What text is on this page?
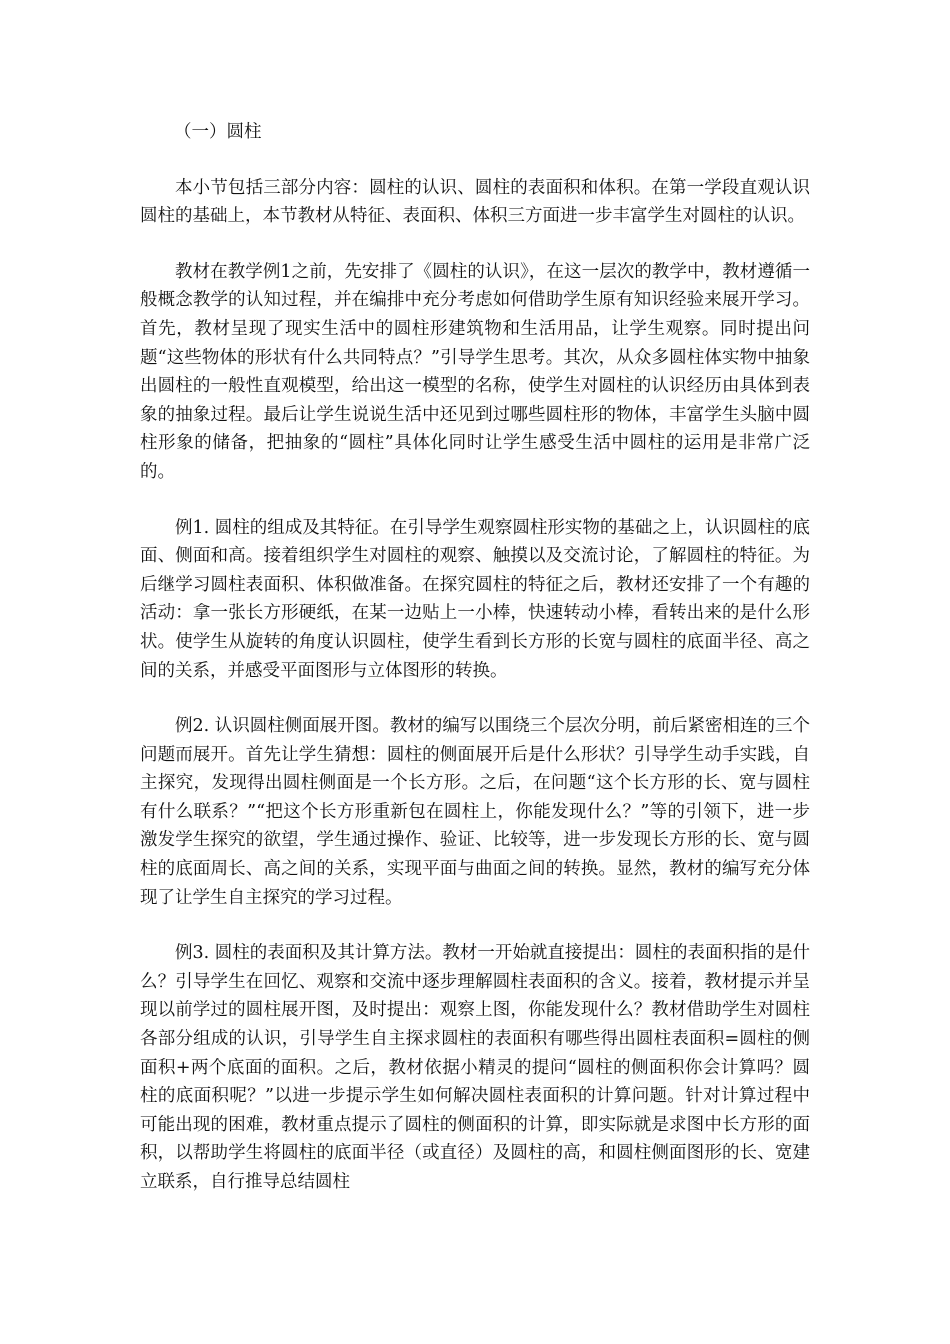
（一）圆柱

本小节包括三部分内容：圆柱的认识、圆柱的表面积和体积。在第一学段直观认识圆柱的基础上，本节教材从特征、表面积、体积三方面进一步丰富学生对圆柱的认识。

教材在教学例1之前，先安排了《圆柱的认识》，在这一层次的教学中，教材遵循一般概念教学的认知过程，并在编排中充分考虑如何借助学生原有知识经验来展开学习。首先，教材呈现了现实生活中的圆柱形建筑物和生活用品，让学生观察。同时提出问题“这些物体的形状有什么共同特点？”引导学生思考。其次，从众多圆柱体实物中抽象出圆柱的一般性直观模型，给出这一模型的名称，使学生对圆柱的认识经历由具体到表象的抽象过程。最后让学生说说生活中还见到过哪些圆柱形的物体，丰富学生头脑中圆柱形象的储备，把抽象的“圆柱”具体化同时让学生感受生活中圆柱的运用是非常广泛的。

例1. 圆柱的组成及其特征。在引导学生观察圆柱形实物的基础之上，认识圆柱的底面、侧面和高。接着组织学生对圆柱的观察、触摸以及交流讨论，了解圆柱的特征。为后继学习圆柱表面积、体积做准备。在探究圆柱的特征之后，教材还安排了一个有趣的活动：拿一张长方形硬纸，在某一边贴上一小棒，快速转动小棒，看转出来的是什么形状。使学生从旋转的角度认识圆柱，使学生看到长方形的长宽与圆柱的底面半径、高之间的关系，并感受平面图形与立体图形的转换。

例2. 认识圆柱侧面展开图。教材的编写以围绕三个层次分明，前后紧密相连的三个问题而展开。首先让学生猜想：圆柱的侧面展开后是什么形状？引导学生动手实践，自主探究，发现得出圆柱侧面是一个长方形。之后，在问题“这个长方形的长、宽与圆柱有什么联系？”“把这个长方形重新包在圆柱上，你能发现什么？”等的引领下，进一步激发学生探究的欲望，学生通过操作、验证、比较等，进一步发现长方形的长、宽与圆柱的底面周长、高之间的关系，实现平面与曲面之间的转换。显然，教材的编写充分体现了让学生自主探究的学习过程。

例3. 圆柱的表面积及其计算方法。教材一开始就直接提出：圆柱的表面积指的是什么？引导学生在回忆、观察和交流中逐步理解圆柱表面积的含义。接着，教材提示并呈现以前学过的圆柱展开图，及时提出：观察上图，你能发现什么？教材借助学生对圆柱各部分组成的认识，引导学生自主探求圆柱的表面积有哪些得出圆柱表面积=圆柱的侧面积+两个底面的面积。之后，教材依据小精灵的提问“圆柱的侧面积你会计算吗？圆柱的底面积呢？”以进一步提示学生如何解决圆柱表面积的计算问题。针对计算过程中可能出现的困难，教材重点提示了圆柱的侧面积的计算，即实际就是求图中长方形的面积，以帮助学生将圆柱的底面半径（或直径）及圆柱的高，和圆柱侧面图形的长、宽建立联系，自行推导总结圆柱
